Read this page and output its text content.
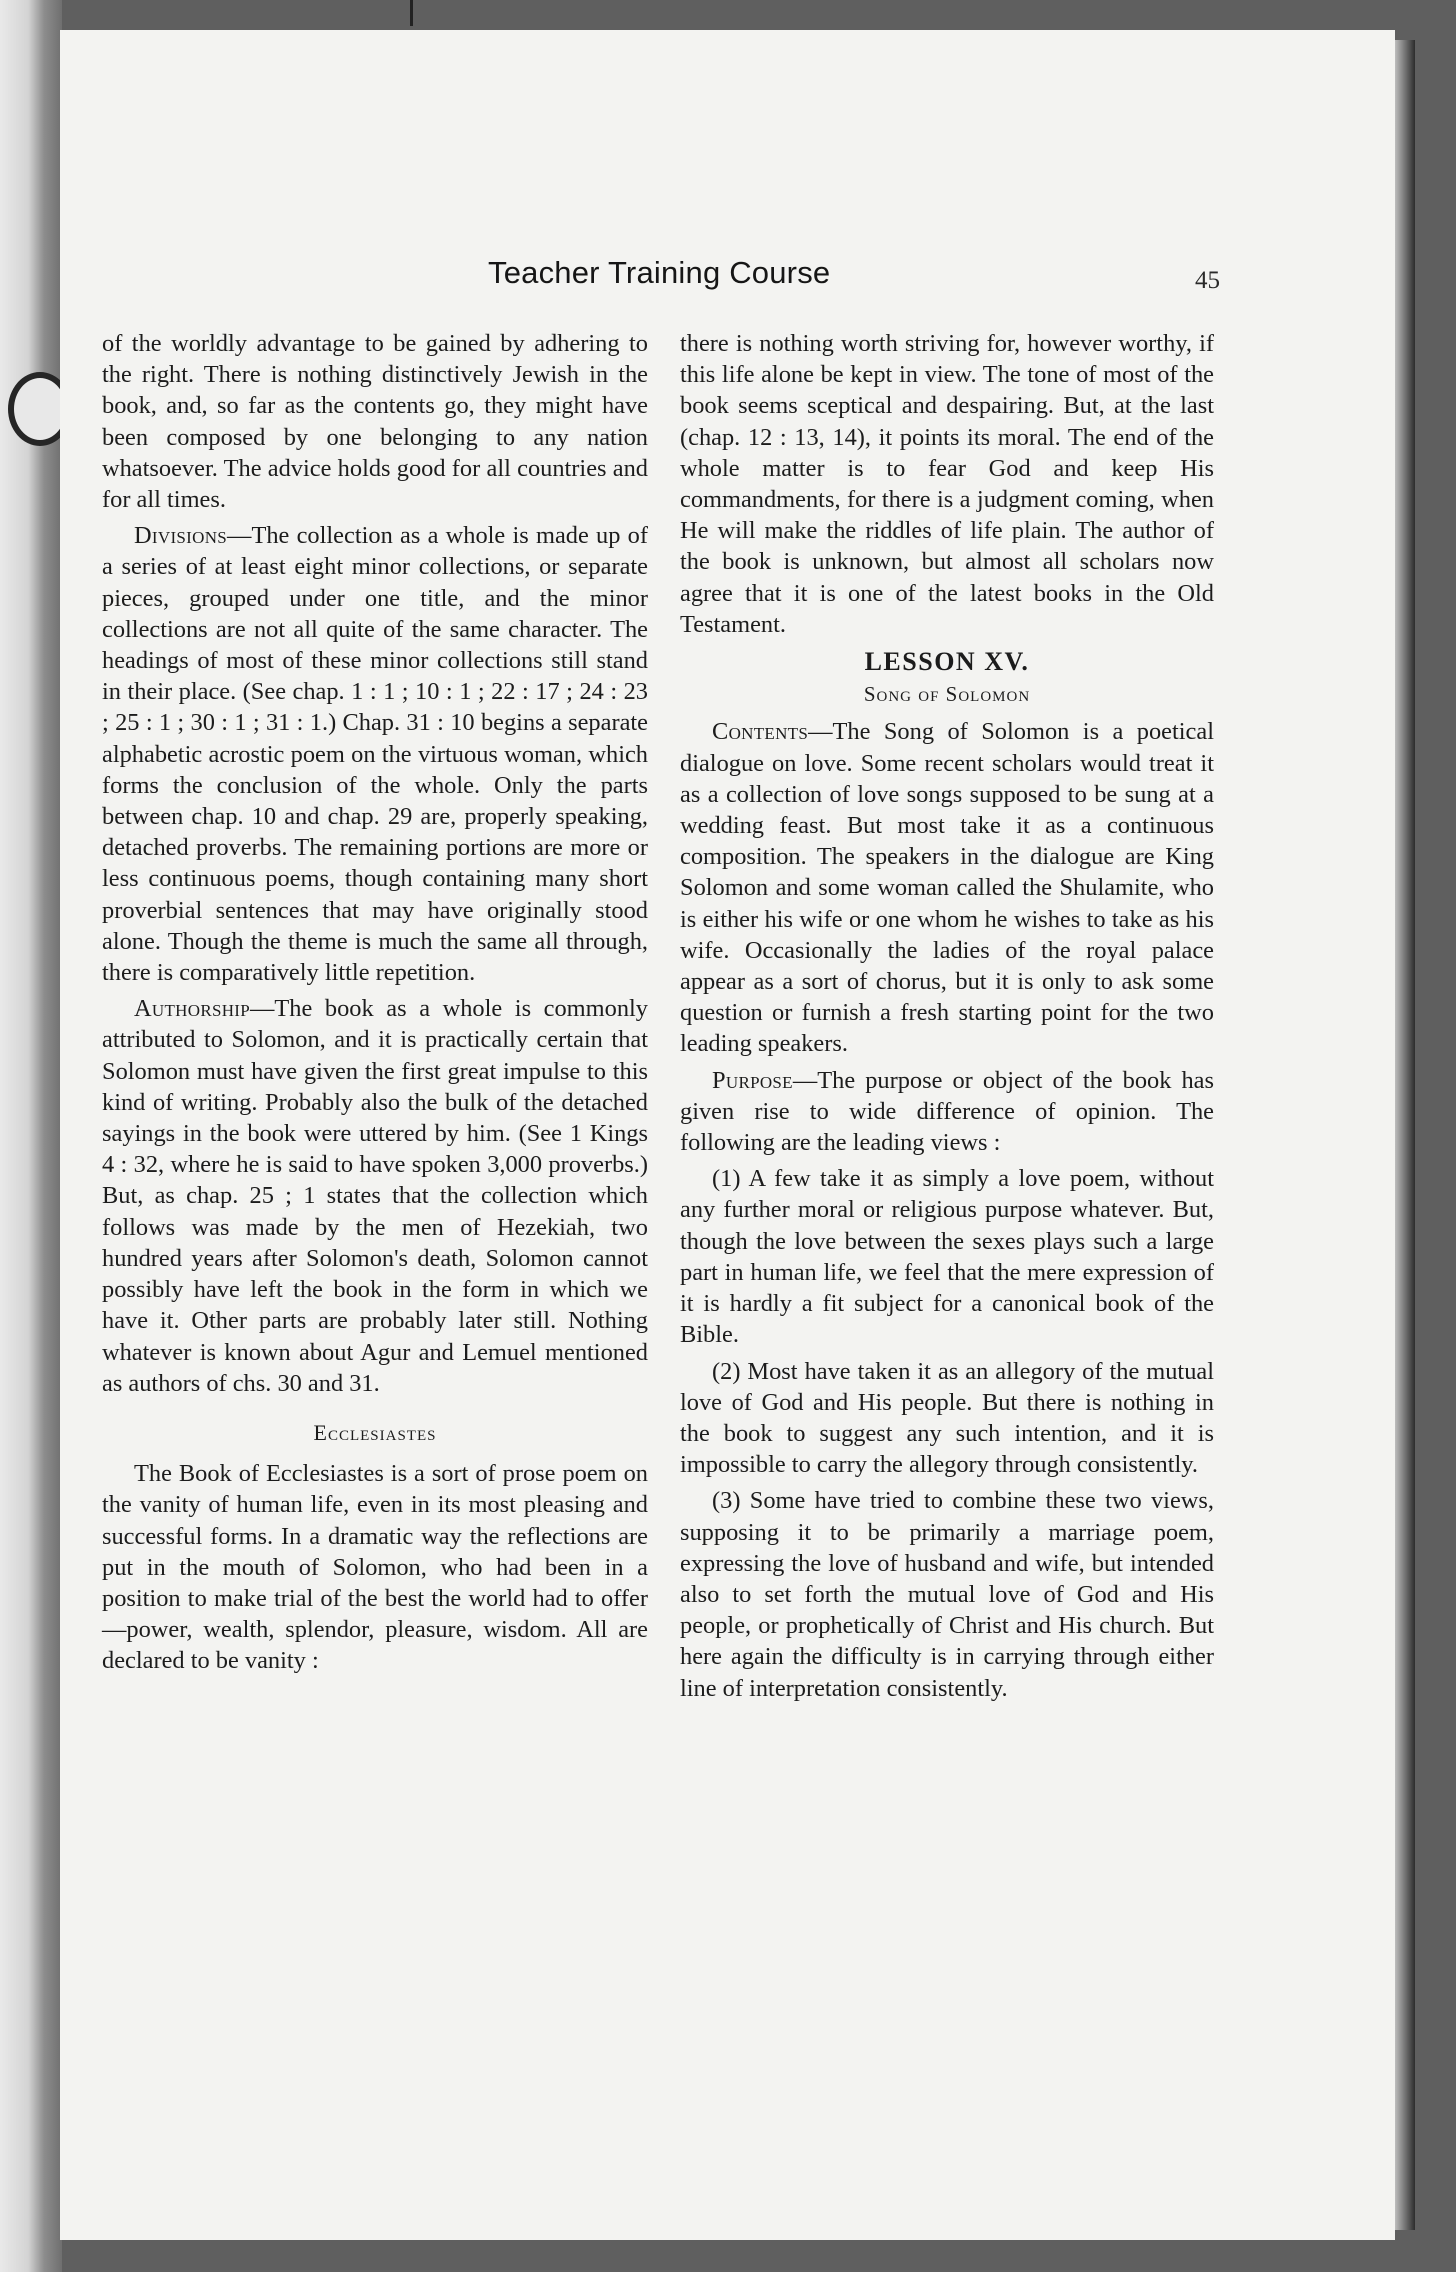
Teacher Training Course	45

of the worldly advantage to be gained by adhering to the right. There is nothing distinctively Jewish in the book, and, so far as the contents go, they might have been composed by one belonging to any nation whatsoever. The advice holds good for all countries and for all times.

Divisions—The collection as a whole is made up of a series of at least eight minor collections, or separate pieces, grouped under one title, and the minor collections are not all quite of the same character. The headings of most of these minor collections still stand in their place. (See chap. 1 : 1 ; 10 : 1 ; 22 : 17 ; 24 : 23 ; 25 : 1 ; 30 : 1 ; 31 : 1.) Chap. 31 : 10 begins a separate alphabetic acrostic poem on the virtuous woman, which forms the conclusion of the whole. Only the parts between chap. 10 and chap. 29 are, properly speaking, detached proverbs. The remaining portions are more or less continuous poems, though containing many short proverbial sentences that may have originally stood alone. Though the theme is much the same all through, there is comparatively little repetition.

Authorship—The book as a whole is commonly attributed to Solomon, and it is practically certain that Solomon must have given the first great impulse to this kind of writing. Probably also the bulk of the detached sayings in the book were uttered by him. (See 1 Kings 4 : 32, where he is said to have spoken 3,000 proverbs.) But, as chap. 25 ; 1 states that the collection which follows was made by the men of Hezekiah, two hundred years after Solomon's death, Solomon cannot possibly have left the book in the form in which we have it. Other parts are probably later still. Nothing whatever is known about Agur and Lemuel mentioned as authors of chs. 30 and 31.

Ecclesiastes

The Book of Ecclesiastes is a sort of prose poem on the vanity of human life, even in its most pleasing and successful forms. In a dramatic way the reflections are put in the mouth of Solomon, who had been in a position to make trial of the best the world had to offer—power, wealth, splendor, pleasure, wisdom. All are declared to be vanity :

there is nothing worth striving for, however worthy, if this life alone be kept in view. The tone of most of the book seems sceptical and despairing. But, at the last (chap. 12 : 13, 14), it points its moral. The end of the whole matter is to fear God and keep His commandments, for there is a judgment coming, when He will make the riddles of life plain. The author of the book is unknown, but almost all scholars now agree that it is one of the latest books in the Old Testament.

LESSON XV.
Song of Solomon

Contents—The Song of Solomon is a poetical dialogue on love. Some recent scholars would treat it as a collection of love songs supposed to be sung at a wedding feast. But most take it as a continuous composition. The speakers in the dialogue are King Solomon and some woman called the Shulamite, who is either his wife or one whom he wishes to take as his wife. Occasionally the ladies of the royal palace appear as a sort of chorus, but it is only to ask some question or furnish a fresh starting point for the two leading speakers.

Purpose—The purpose or object of the book has given rise to wide difference of opinion. The following are the leading views :

(1) A few take it as simply a love poem, without any further moral or religious purpose whatever. But, though the love between the sexes plays such a large part in human life, we feel that the mere expression of it is hardly a fit subject for a canonical book of the Bible.

(2) Most have taken it as an allegory of the mutual love of God and His people. But there is nothing in the book to suggest any such intention, and it is impossible to carry the allegory through consistently.

(3) Some have tried to combine these two views, supposing it to be primarily a marriage poem, expressing the love of husband and wife, but intended also to set forth the mutual love of God and His people, or prophetically of Christ and His church. But here again the difficulty is in carrying through either line of interpretation consistently.
